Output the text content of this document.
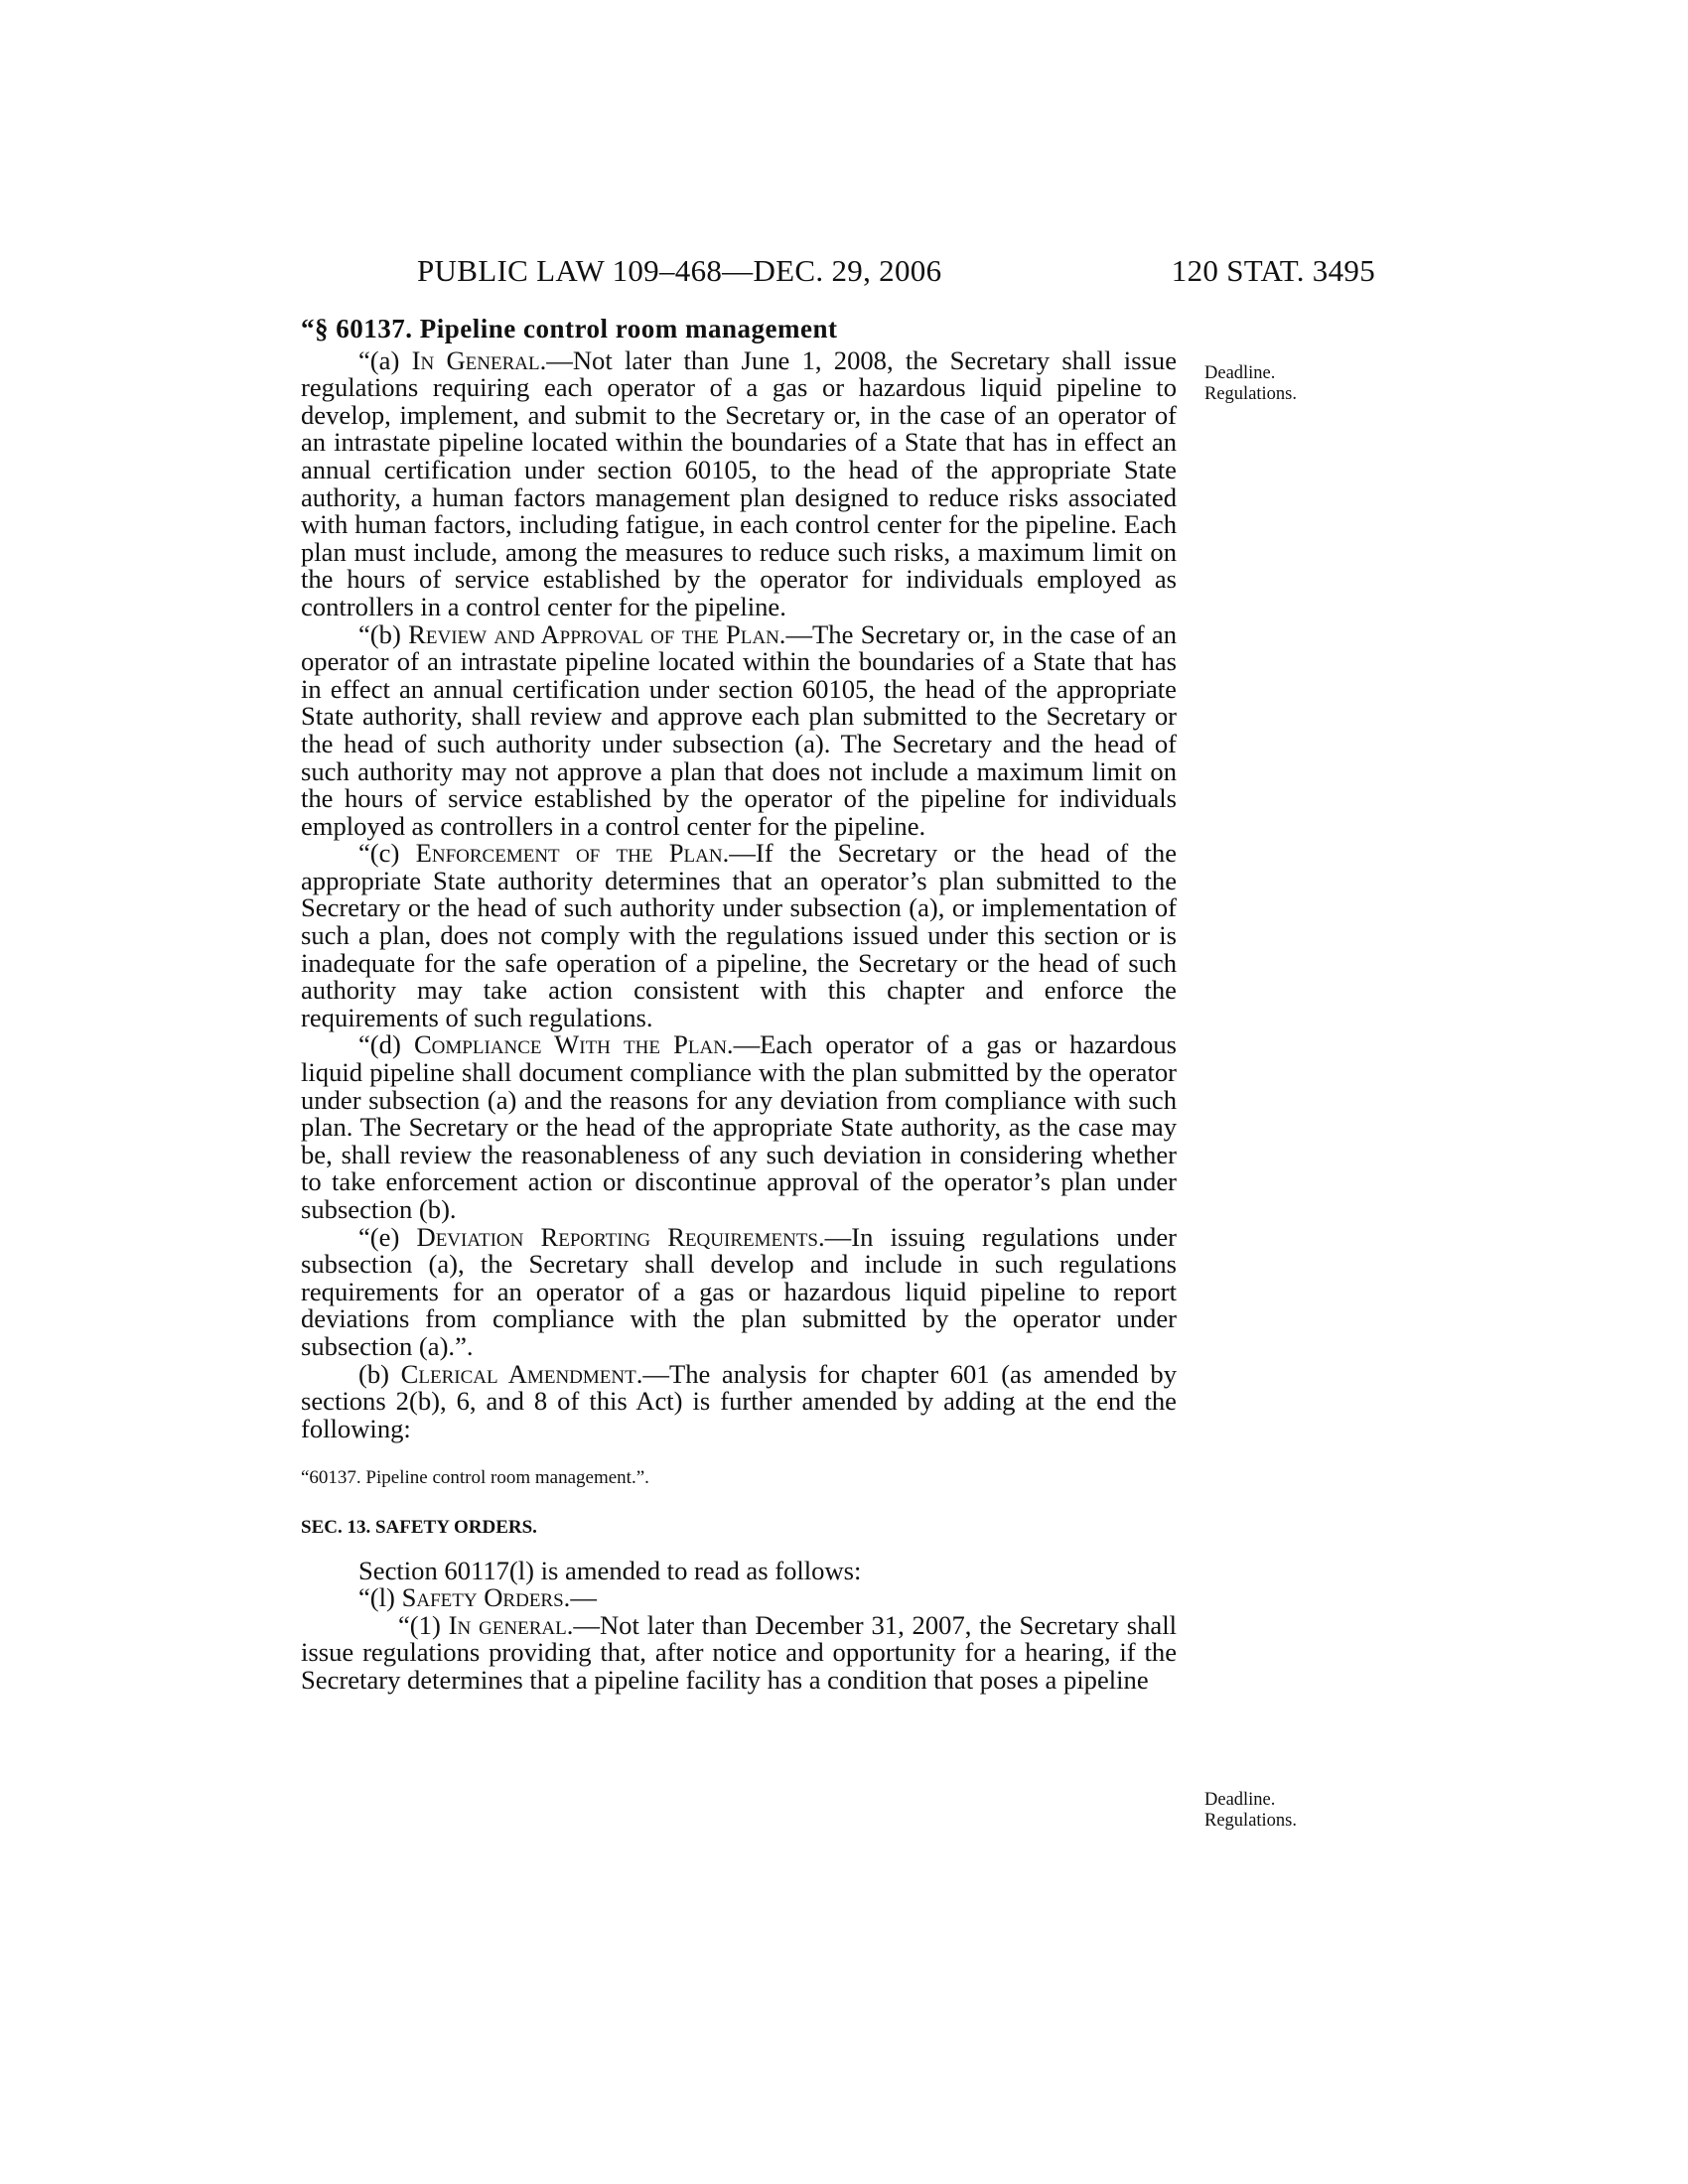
PUBLIC LAW 109–468—DEC. 29, 2006	120 STAT. 3495
Deadline.
Regulations.
Deadline.
Regulations.
“§ 60137. Pipeline control room management

“(a) In General.—Not later than June 1, 2008, the Secretary shall issue regulations requiring each operator of a gas or hazardous liquid pipeline to develop, implement, and submit to the Secretary or, in the case of an operator of an intrastate pipeline located within the boundaries of a State that has in effect an annual certification under section 60105, to the head of the appropriate State authority, a human factors management plan designed to reduce risks associated with human factors, including fatigue, in each control center for the pipeline. Each plan must include, among the measures to reduce such risks, a maximum limit on the hours of service established by the operator for individuals employed as controllers in a control center for the pipeline.

“(b) Review and Approval of the Plan.—The Secretary or, in the case of an operator of an intrastate pipeline located within the boundaries of a State that has in effect an annual certification under section 60105, the head of the appropriate State authority, shall review and approve each plan submitted to the Secretary or the head of such authority under subsection (a). The Secretary and the head of such authority may not approve a plan that does not include a maximum limit on the hours of service established by the operator of the pipeline for individuals employed as controllers in a control center for the pipeline.

“(c) Enforcement of the Plan.—If the Secretary or the head of the appropriate State authority determines that an operator’s plan submitted to the Secretary or the head of such authority under subsection (a), or implementation of such a plan, does not comply with the regulations issued under this section or is inadequate for the safe operation of a pipeline, the Secretary or the head of such authority may take action consistent with this chapter and enforce the requirements of such regulations.

“(d) Compliance With the Plan.—Each operator of a gas or hazardous liquid pipeline shall document compliance with the plan submitted by the operator under subsection (a) and the reasons for any deviation from compliance with such plan. The Secretary or the head of the appropriate State authority, as the case may be, shall review the reasonableness of any such deviation in considering whether to take enforcement action or discontinue approval of the operator’s plan under subsection (b).

“(e) Deviation Reporting Requirements.—In issuing regulations under subsection (a), the Secretary shall develop and include in such regulations requirements for an operator of a gas or hazardous liquid pipeline to report deviations from compliance with the plan submitted by the operator under subsection (a).”.

(b) Clerical Amendment.—The analysis for chapter 601 (as amended by sections 2(b), 6, and 8 of this Act) is further amended by adding at the end the following:

“60137. Pipeline control room management.”.
SEC. 13. SAFETY ORDERS.

Section 60117(l) is amended to read as follows:

“(l) Safety Orders.—

“(1) In general.—Not later than December 31, 2007, the Secretary shall issue regulations providing that, after notice and opportunity for a hearing, if the Secretary determines that a pipeline facility has a condition that poses a pipeline
